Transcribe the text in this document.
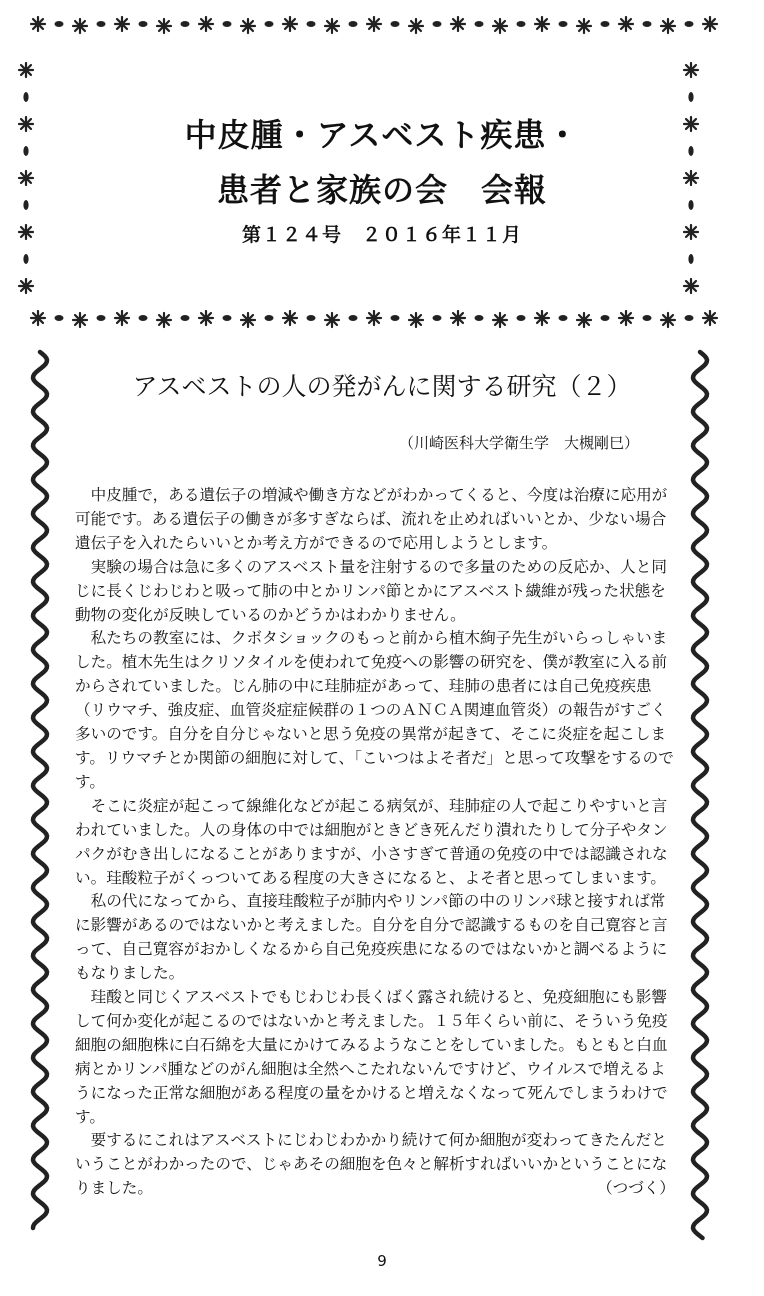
中皮腫・アスベスト疾患・
患者と家族の会　会報
第１２４号　２０１６年１１月
アスベストの人の発がんに関する研究（２）
（川崎医科大学衛生学　大槻剛巳）

中皮腫で，ある遺伝子の増減や働き方などがわかってくると、今度は治療に応用が可能です。ある遺伝子の働きが多すぎならば、流れを止めればいいとか、少ない場合遺伝子を入れたらいいとか考え方ができるので応用しようとします。

実験の場合は急に多くのアスベスト量を注射するので多量のための反応か、人と同じに長くじわじわと吸って肺の中とかリンパ節とかにアスベスト繊維が残った状態を動物の変化が反映しているのかどうかはわかりません。

私たちの教室には、クボタショックのもっと前から植木絢子先生がいらっしゃいました。植木先生はクリソタイルを使われて免疫への影響の研究を、僕が教室に入る前からされていました。じん肺の中に珪肺症があって、珪肺の患者には自己免疫疾患（リウマチ、強皮症、血管炎症症候群の１つのＡＮＣＡ関連血管炎）の報告がすごく多いのです。自分を自分じゃないと思う免疫の異常が起きて、そこに炎症を起こします。リウマチとか関節の細胞に対して、「こいつはよそ者だ」と思って攻撃をするのです。

そこに炎症が起こって線維化などが起こる病気が、珪肺症の人で起こりやすいと言われていました。人の身体の中では細胞がときどき死んだり潰れたりして分子やタンパクがむき出しになることがありますが、小さすぎて普通の免疫の中では認識されない。珪酸粒子がくっついてある程度の大きさになると、よそ者と思ってしまいます。

私の代になってから、直接珪酸粒子が肺内やリンパ節の中のリンパ球と接すれば常に影響があるのではないかと考えました。自分を自分で認識するものを自己寛容と言って、自己寛容がおかしくなるから自己免疫疾患になるのではないかと調べるようにもなりました。

珪酸と同じくアスベストでもじわじわ長くばく露され続けると、免疫細胞にも影響して何か変化が起こるのではないかと考えました。１５年くらい前に、そういう免疫細胞の細胞株に白石綿を大量にかけてみるようなことをしていました。もともと白血病とかリンパ腫などのがん細胞は全然へこたれないんですけど、ウイルスで増えるようになった正常な細胞がある程度の量をかけると増えなくなって死んでしまうわけです。

要するにこれはアスベストにじわじわかかり続けて何か細胞が変わってきたんだということがわかったので、じゃあその細胞を色々と解析すればいいかということになりました。	（つづく）
9
